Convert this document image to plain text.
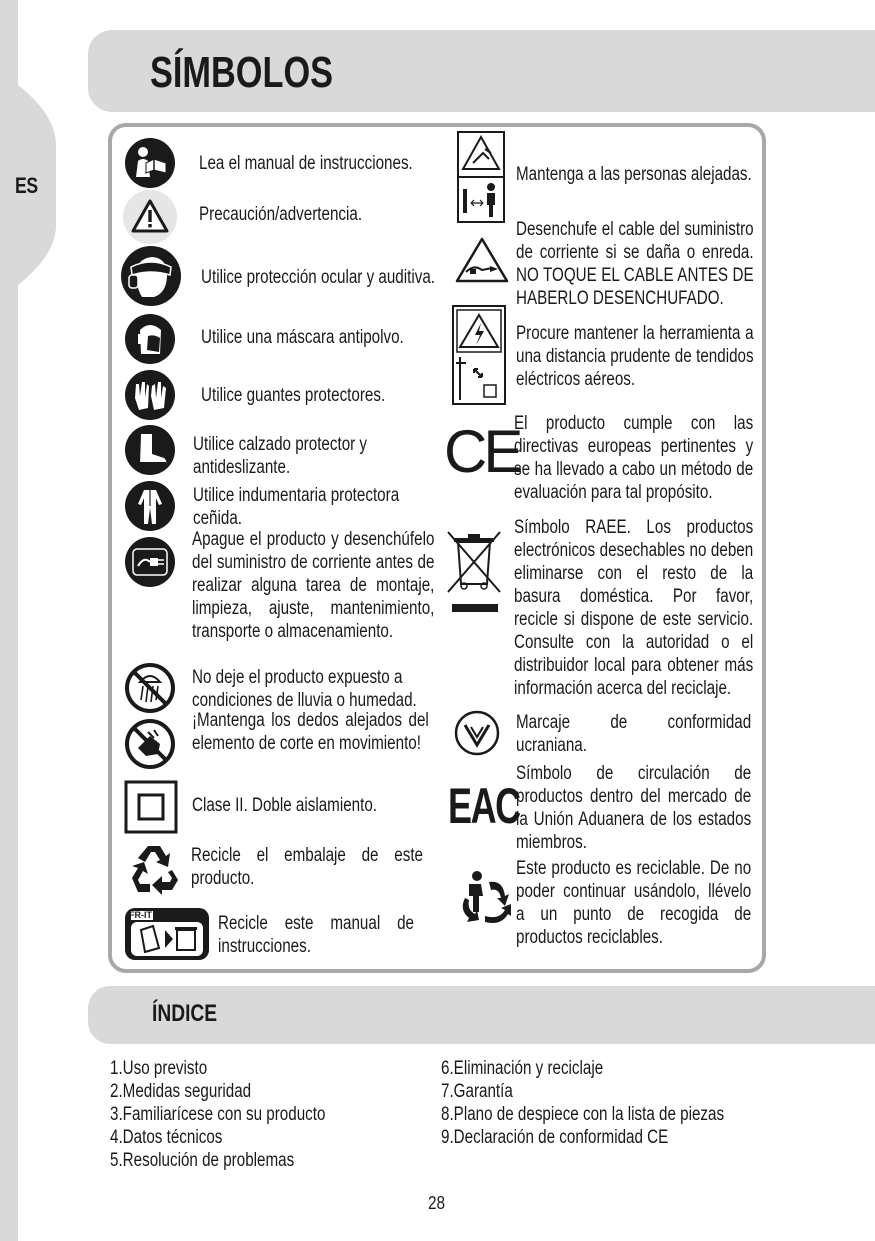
ES
SÍMBOLOS
FR-IT
Lea el manual de instrucciones.
Precaución/advertencia.
Utilice protección ocular y auditiva.
Utilice una máscara antipolvo.
Utilice guantes protectores.
Utilice calzado protector y antideslizante.
Utilice indumentaria protectora ceñida.
Apague el producto y desenchúfelo del suministro de corriente antes de realizar alguna tarea de montaje, limpieza, ajuste, mantenimiento, transporte o almacenamiento.
No deje el producto expuesto a condiciones de lluvia o humedad.
¡Mantenga los dedos alejados del elemento de corte en movimiento!
Clase II. Doble aislamiento.
Recicle el embalaje de este producto.
Recicle este manual de instrucciones.
CE
EAC
Mantenga a las personas alejadas.
Desenchufe el cable del suministro de corriente si se daña o enreda. NO TOQUE EL CABLE ANTES DE HABERLO DESENCHUFADO.
Procure mantener la herramienta a una distancia prudente de tendidos eléctricos aéreos.
El producto cumple con las directivas europeas pertinentes y se ha llevado a cabo un método de evaluación para tal propósito.
Símbolo RAEE. Los productos electrónicos desechables no deben eliminarse con el resto de la basura doméstica. Por favor, recicle si dispone de este servicio. Consulte con la autoridad o el distribuidor local para obtener más información acerca del reciclaje.
Marcaje de conformidad ucraniana.
Símbolo de circulación de productos dentro del mercado de la Unión Aduanera de los estados miembros.
Este producto es reciclable. De no poder continuar usándolo, llévelo a un punto de recogida de productos reciclables.
ÍNDICE
1.Uso previsto
2.Medidas seguridad
3.Familiarícese con su producto
4.Datos técnicos
5.Resolución de problemas
6.Eliminación y reciclaje
7.Garantía
8.Plano de despiece con la lista de piezas
9.Declaración de conformidad CE
28
